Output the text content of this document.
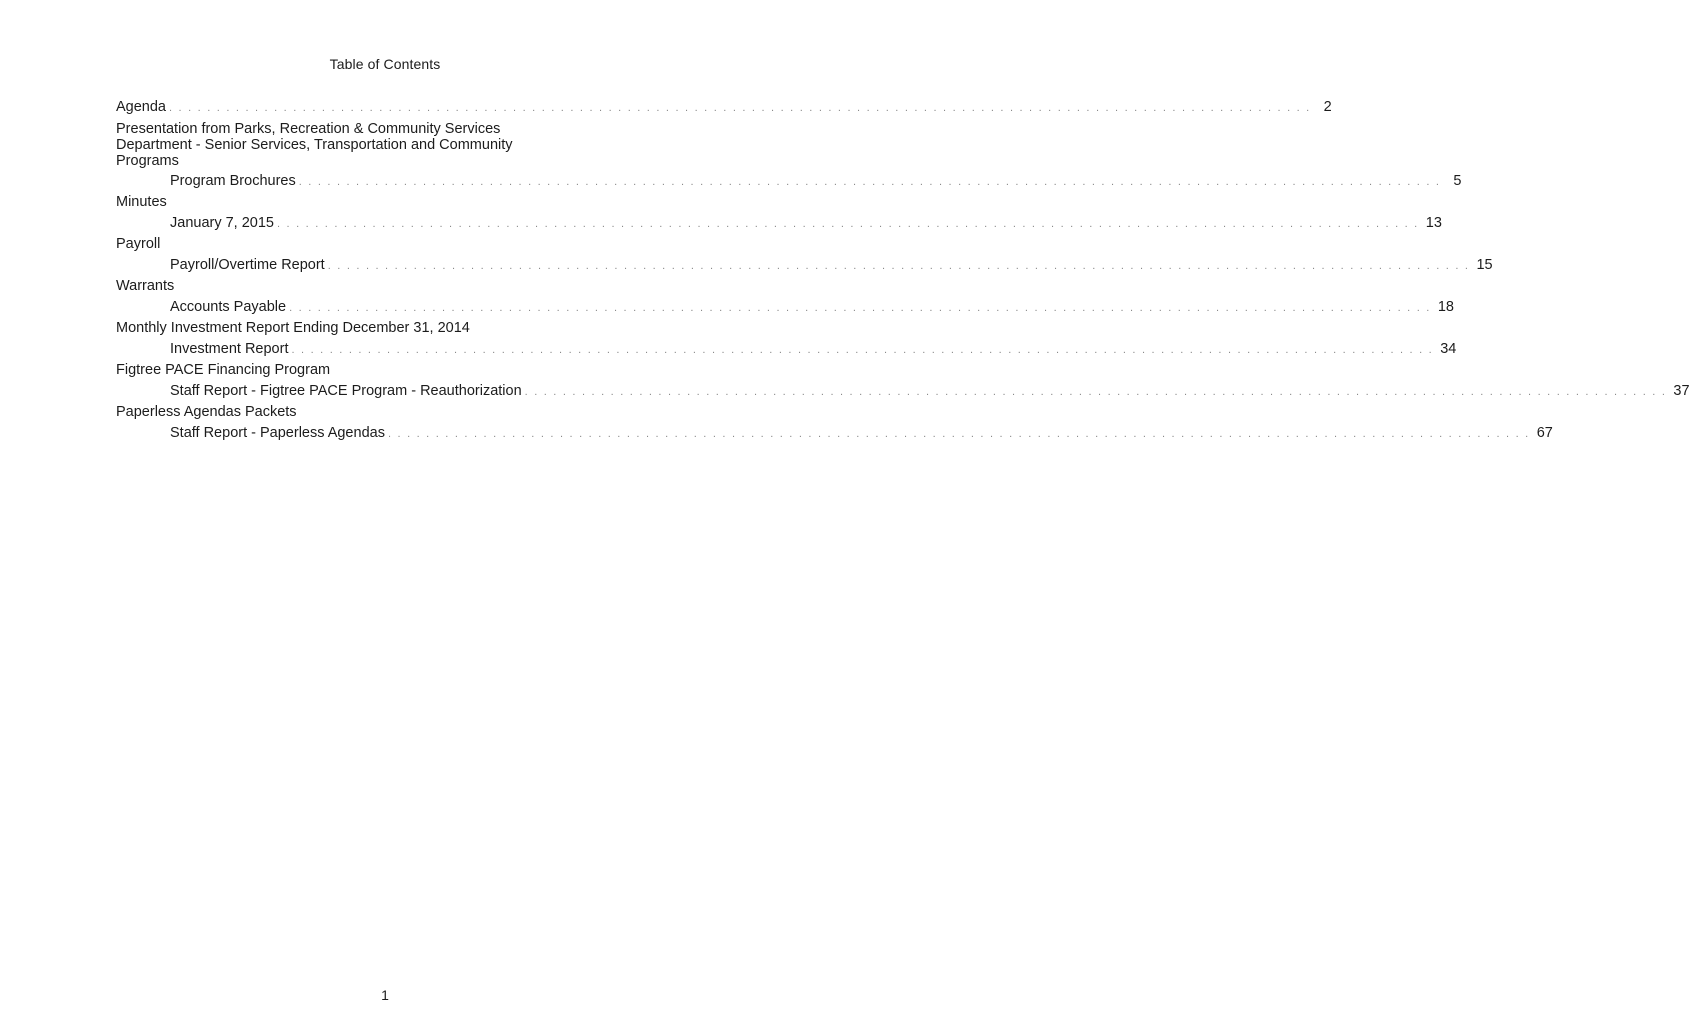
Table of Contents
Agenda ........................................................................................................................ 2
Presentation from Parks, Recreation & Community Services Department - Senior Services, Transportation and Community Programs
Program Brochures ........................................................................................................................ 5
Minutes
January 7, 2015 ........................................................................................................................ 13
Payroll
Payroll/Overtime Report ........................................................................................................................ 15
Warrants
Accounts Payable ........................................................................................................................ 18
Monthly Investment Report Ending December 31, 2014
Investment Report ........................................................................................................................ 34
Figtree PACE Financing Program
Staff Report - Figtree PACE Program - Reauthorization ........................................................................................................................ 37
Paperless Agendas Packets
Staff Report - Paperless Agendas ........................................................................................................................ 67
1
